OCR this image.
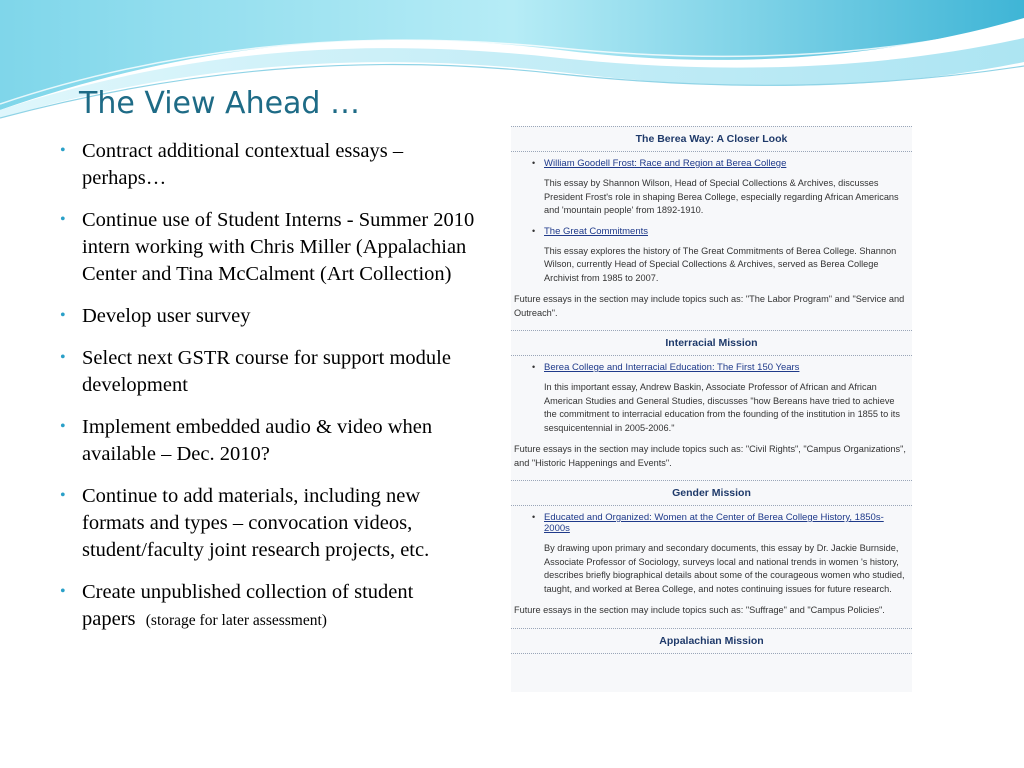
The View Ahead …
• Contract additional contextual essays – perhaps…
• Continue use of Student Interns - Summer 2010 intern working with Chris Miller (Appalachian Center and Tina McCalment (Art Collection)
• Develop user survey
• Select next GSTR course for support module development
• Implement embedded audio & video when available – Dec. 2010?
• Continue to add materials, including new formats and types – convocation videos, student/faculty joint research projects, etc.
• Create unpublished collection of student papers (storage for later assessment)
The Berea Way: A Closer Look
• William Goodell Frost: Race and Region at Berea College

This essay by Shannon Wilson, Head of Special Collections & Archives, discusses President Frost's role in shaping Berea College, especially regarding African Americans and 'mountain people' from 1892-1910.

• The Great Commitments

This essay explores the history of The Great Commitments of Berea College. Shannon Wilson, currently Head of Special Collections & Archives, served as Berea College Archivist from 1985 to 2007.

Future essays in the section may include topics such as: "The Labor Program" and "Service and Outreach".

Interracial Mission
• Berea College and Interracial Education: The First 150 Years

In this important essay, Andrew Baskin, Associate Professor of African and African American Studies and General Studies, discusses "how Bereans have tried to achieve the commitment to interracial education from the founding of the institution in 1855 to its sesquicentennial in 2005-2006."

Future essays in the section may include topics such as: "Civil Rights", "Campus Organizations", and "Historic Happenings and Events".

Gender Mission
• Educated and Organized: Women at the Center of Berea College History, 1850s-2000s

By drawing upon primary and secondary documents, this essay by Dr. Jackie Burnside, Associate Professor of Sociology, surveys local and national trends in women 's history, describes briefly biographical details about some of the courageous women who studied, taught, and worked at Berea College, and notes continuing issues for future research.

Future essays in the section may include topics such as: "Suffrage" and "Campus Policies".

Appalachian Mission
